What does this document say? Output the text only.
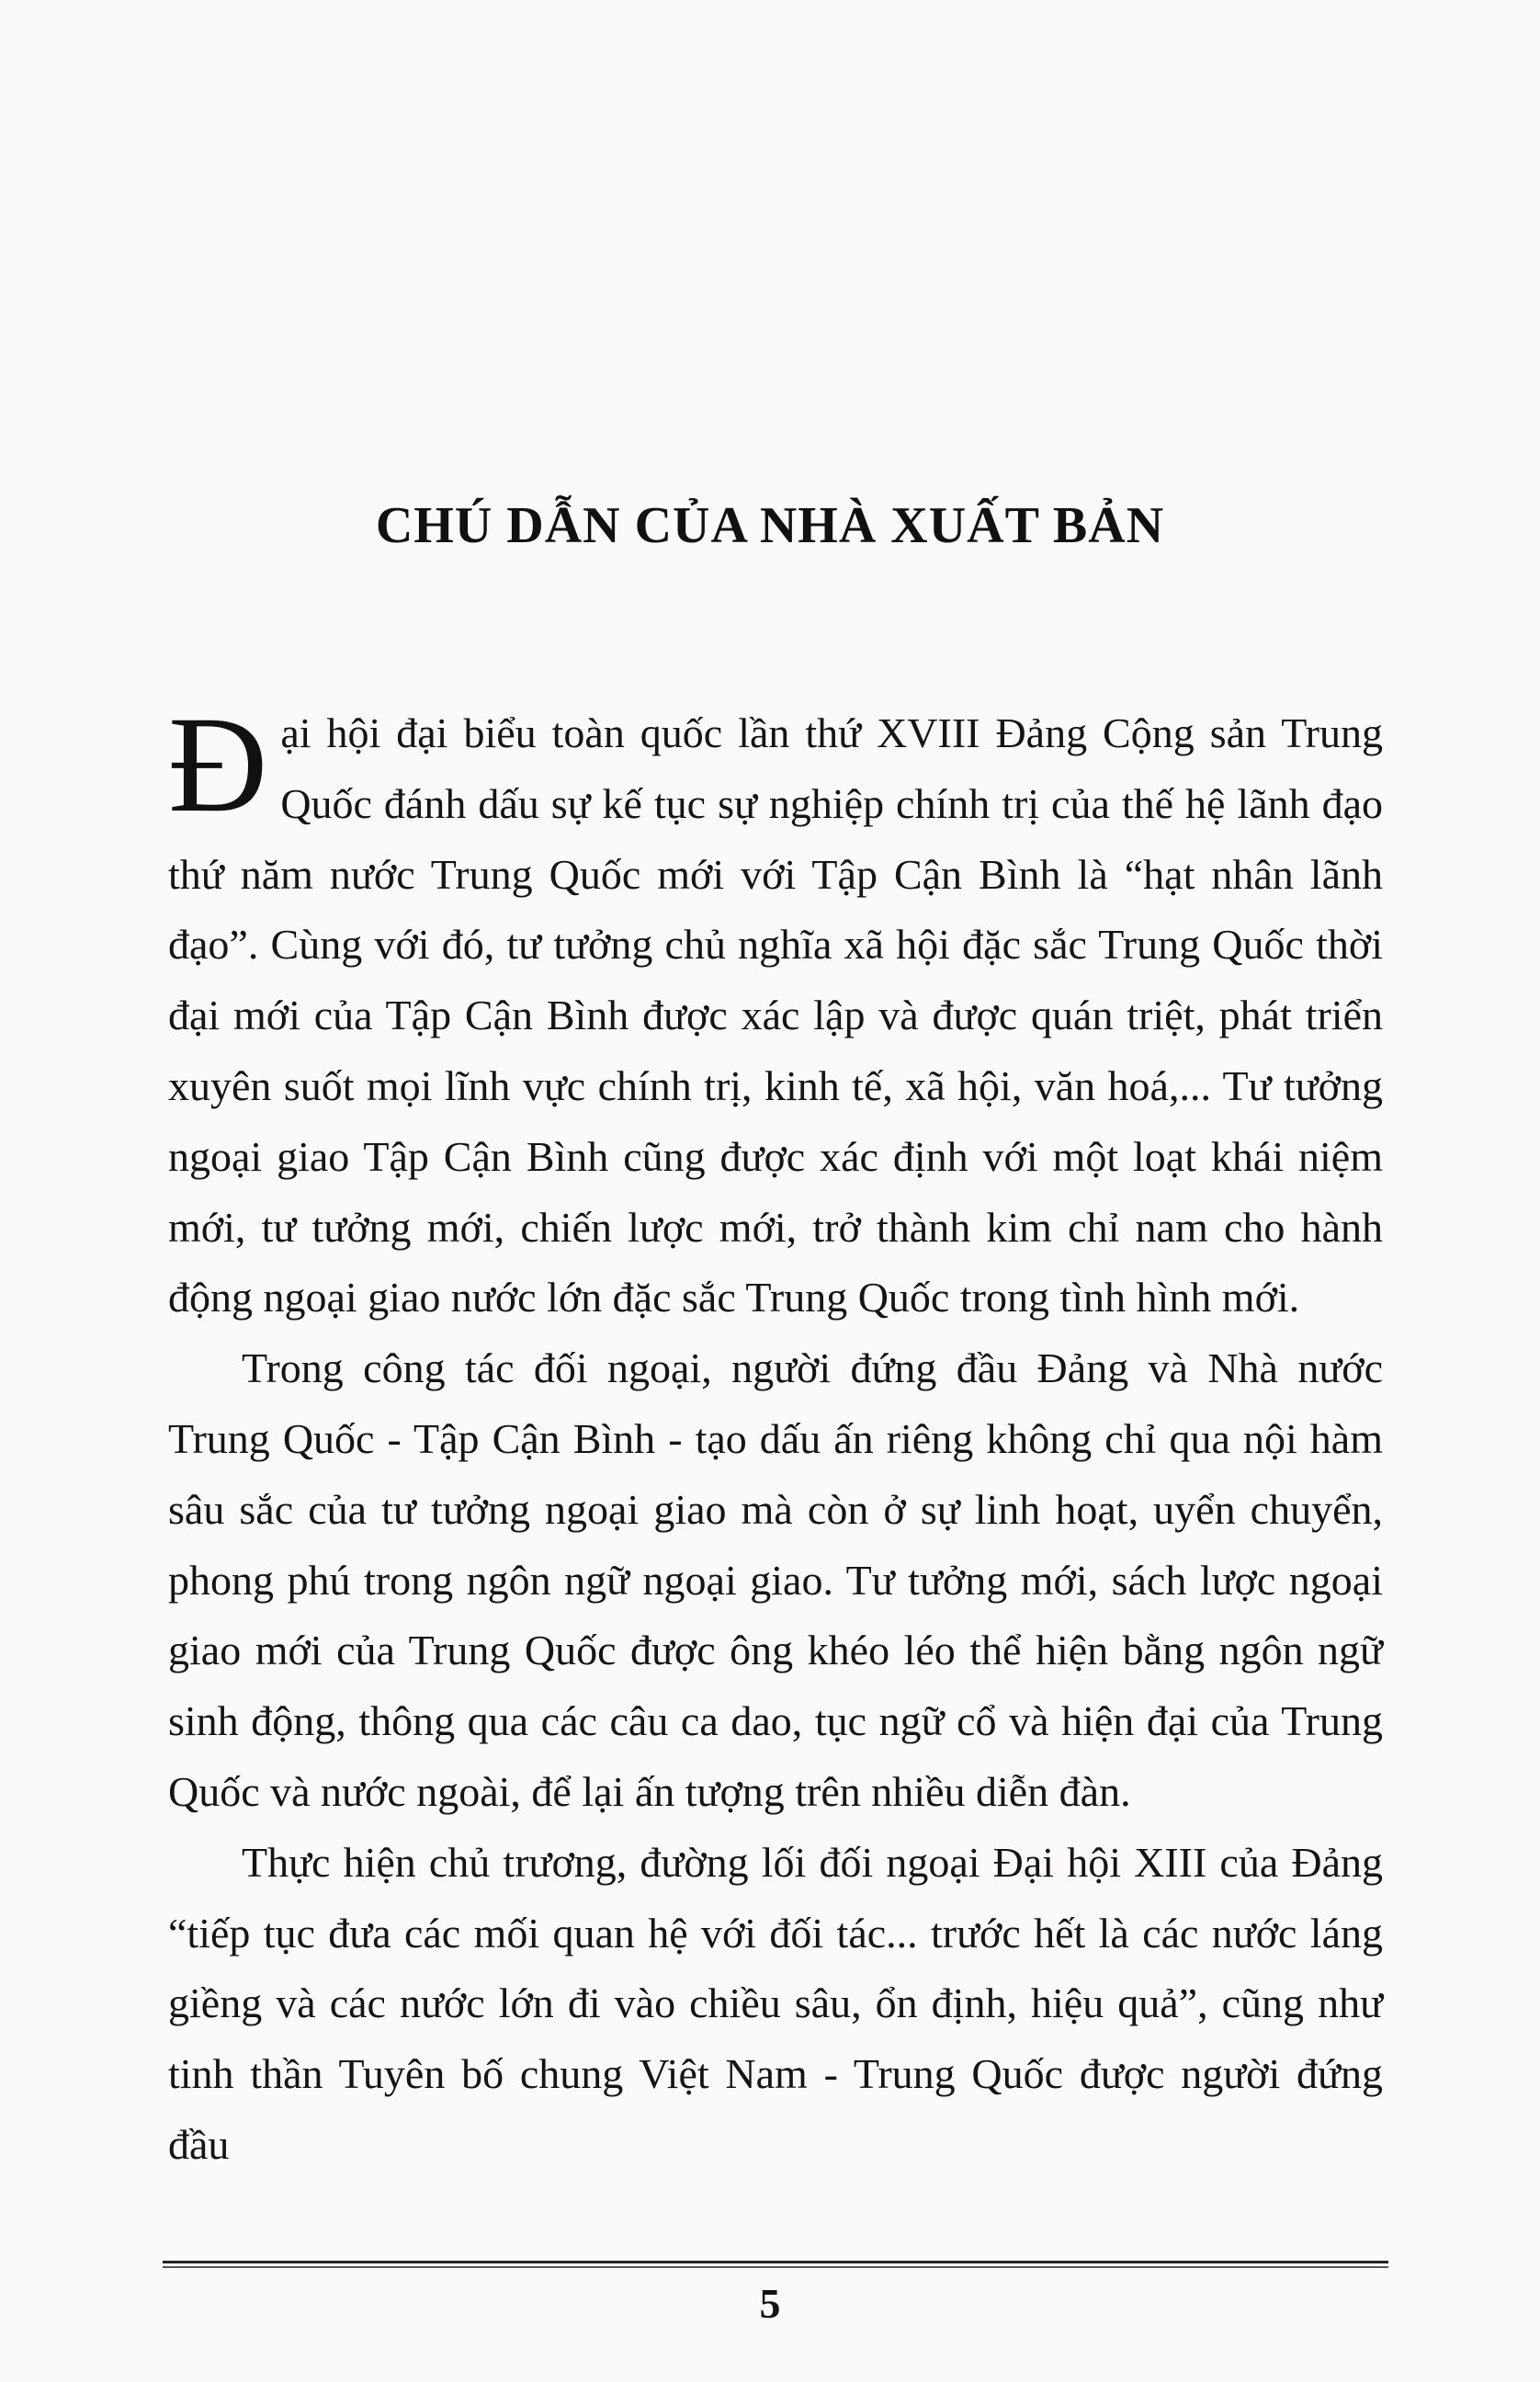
CHÚ DẪN CỦA NHÀ XUẤT BẢN

Đại hội đại biểu toàn quốc lần thứ XVIII Đảng Cộng sản Trung Quốc đánh dấu sự kế tục sự nghiệp chính trị của thế hệ lãnh đạo thứ năm nước Trung Quốc mới với Tập Cận Bình là “hạt nhân lãnh đạo”. Cùng với đó, tư tưởng chủ nghĩa xã hội đặc sắc Trung Quốc thời đại mới của Tập Cận Bình được xác lập và được quán triệt, phát triển xuyên suốt mọi lĩnh vực chính trị, kinh tế, xã hội, văn hoá,... Tư tưởng ngoại giao Tập Cận Bình cũng được xác định với một loạt khái niệm mới, tư tưởng mới, chiến lược mới, trở thành kim chỉ nam cho hành động ngoại giao nước lớn đặc sắc Trung Quốc trong tình hình mới.

Trong công tác đối ngoại, người đứng đầu Đảng và Nhà nước Trung Quốc - Tập Cận Bình - tạo dấu ấn riêng không chỉ qua nội hàm sâu sắc của tư tưởng ngoại giao mà còn ở sự linh hoạt, uyển chuyển, phong phú trong ngôn ngữ ngoại giao. Tư tưởng mới, sách lược ngoại giao mới của Trung Quốc được ông khéo léo thể hiện bằng ngôn ngữ sinh động, thông qua các câu ca dao, tục ngữ cổ và hiện đại của Trung Quốc và nước ngoài, để lại ấn tượng trên nhiều diễn đàn.

Thực hiện chủ trương, đường lối đối ngoại Đại hội XIII của Đảng “tiếp tục đưa các mối quan hệ với đối tác... trước hết là các nước láng giềng và các nước lớn đi vào chiều sâu, ổn định, hiệu quả”, cũng như tinh thần Tuyên bố chung Việt Nam - Trung Quốc được người đứng đầu

5
